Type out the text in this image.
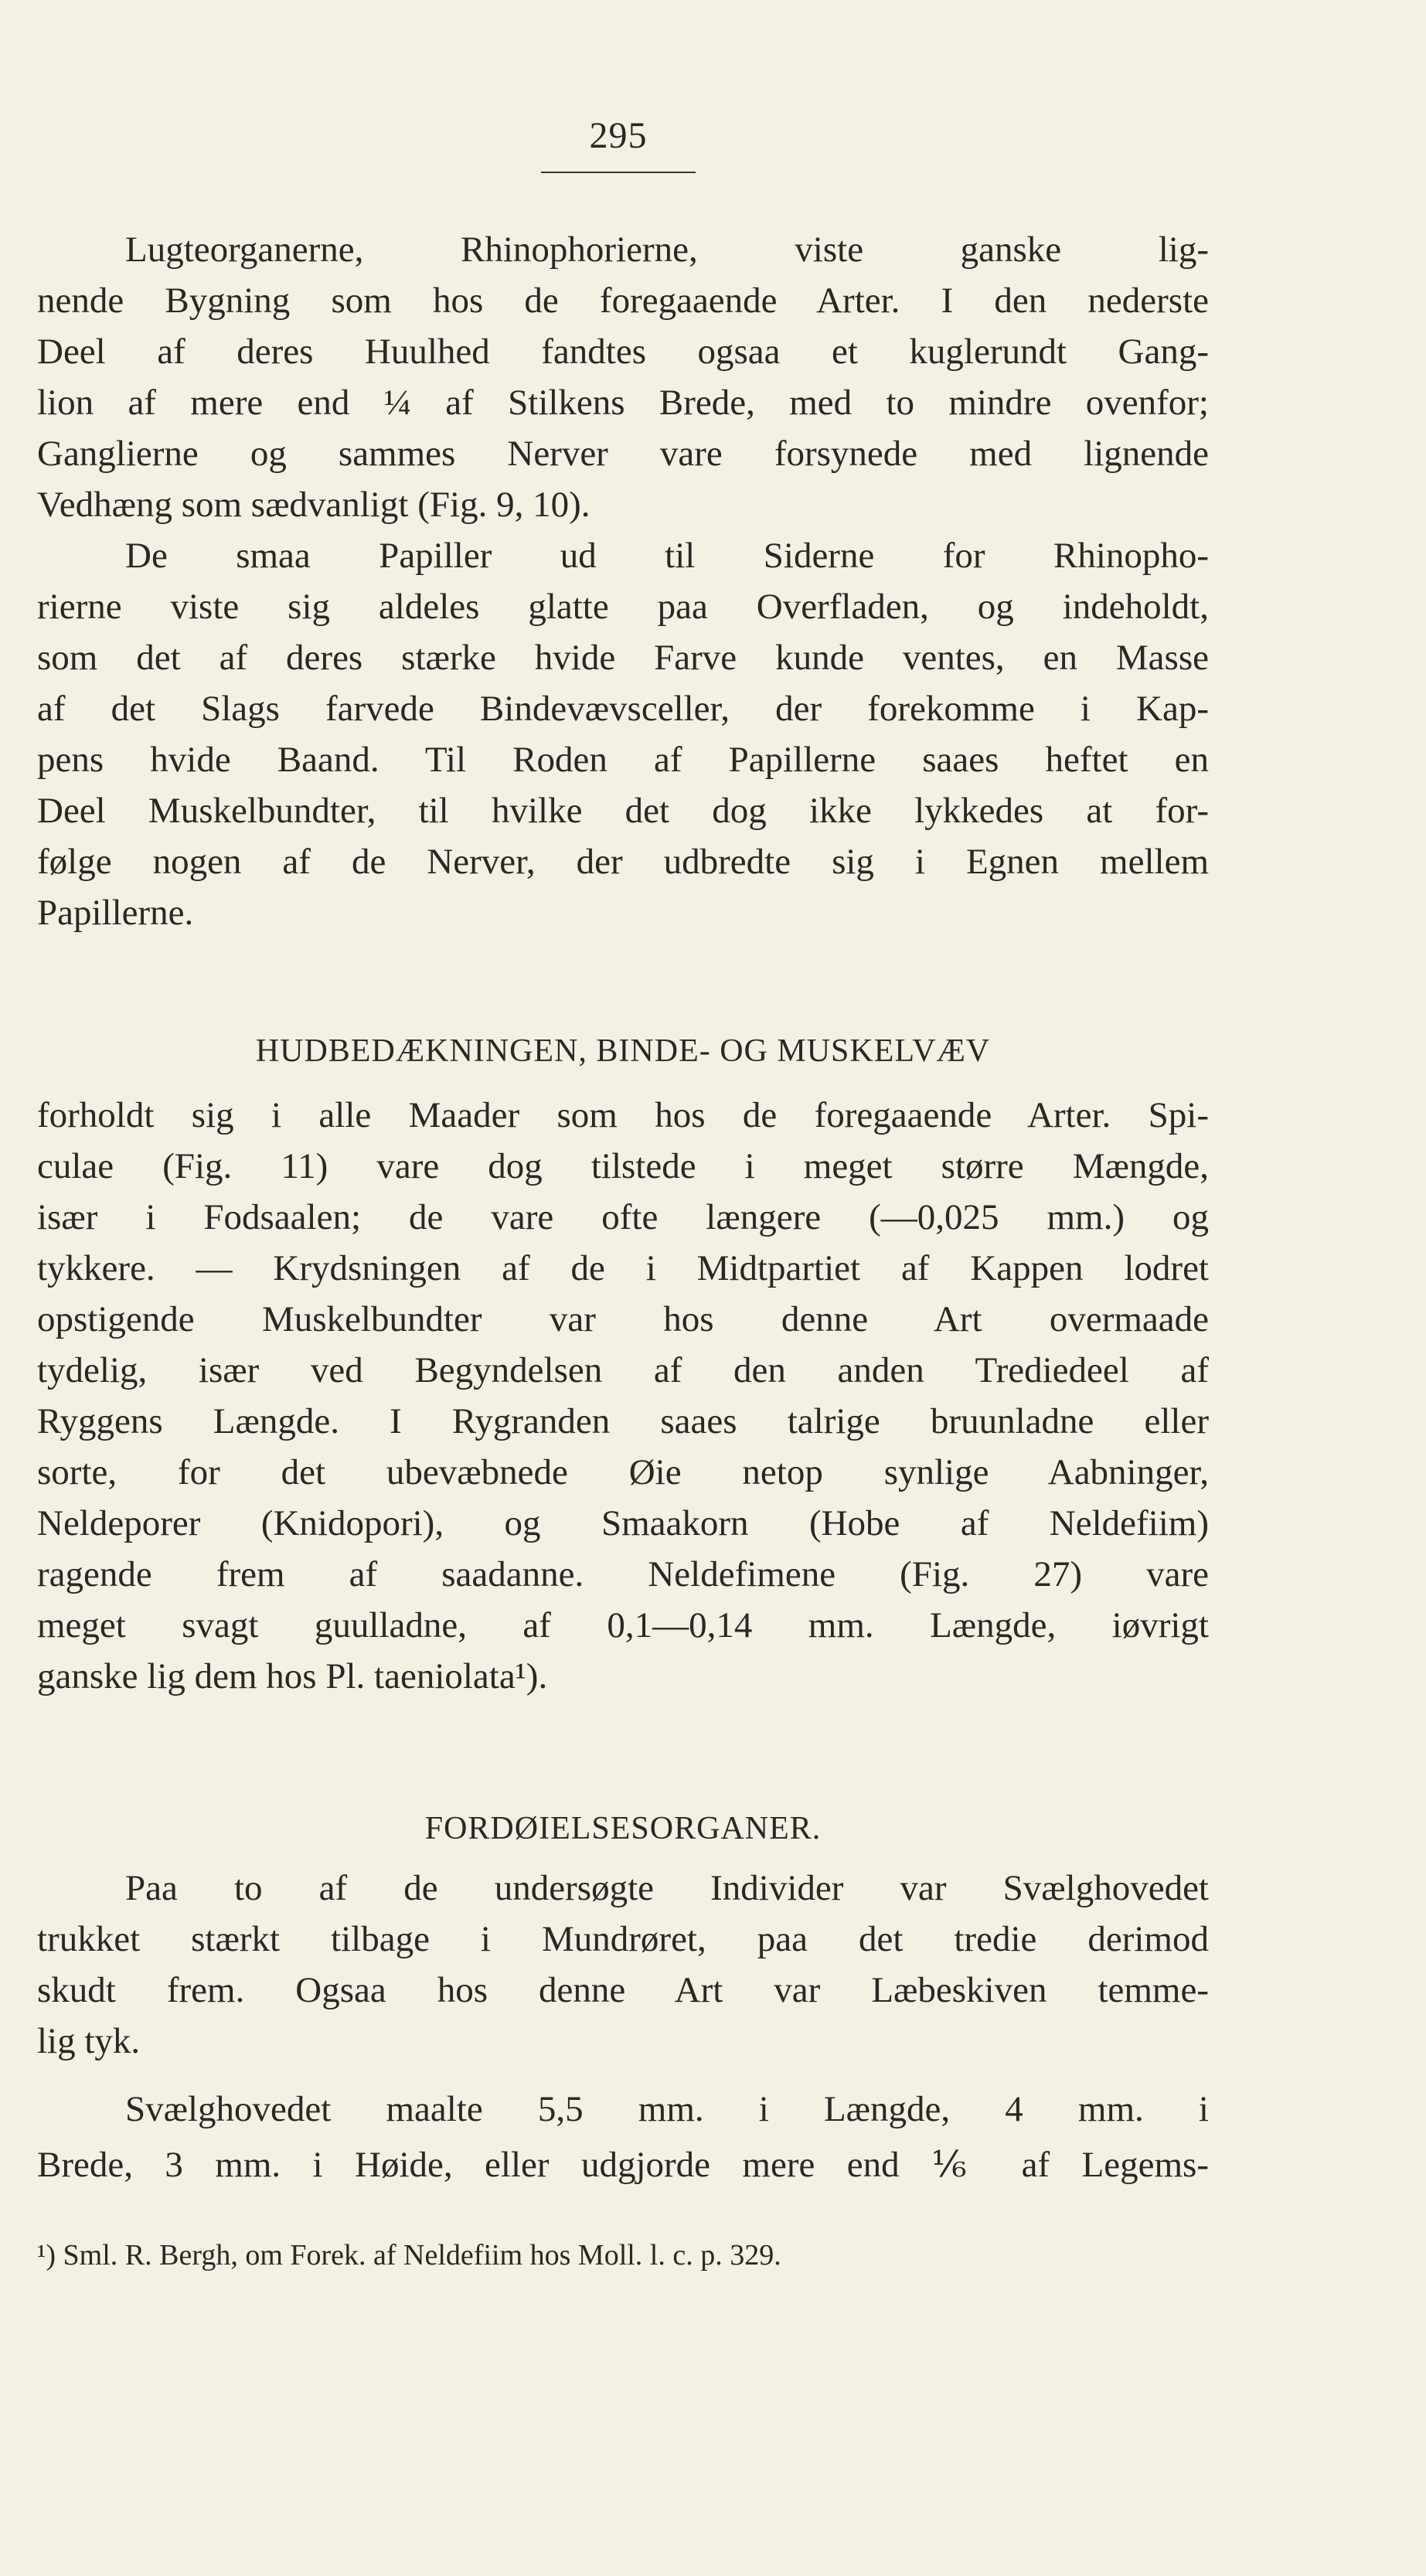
295
Lugteorganerne, Rhinophorierne, viste ganske lig-
nende Bygning som hos de foregaaende Arter. I den nederste
Deel af deres Huulhed fandtes ogsaa et kuglerundt Gang-
lion af mere end ¼ af Stilkens Brede, med to mindre ovenfor;
Ganglierne og sammes Nerver vare forsynede med lignende
Vedhæng som sædvanligt (Fig. 9, 10).
De smaa Papiller ud til Siderne for Rhinopho-
rierne viste sig aldeles glatte paa Overfladen, og indeholdt,
som det af deres stærke hvide Farve kunde ventes, en Masse
af det Slags farvede Bindevævsceller, der forekomme i Kap-
pens hvide Baand. Til Roden af Papillerne saaes heftet en
Deel Muskelbundter, til hvilke det dog ikke lykkedes at for-
følge nogen af de Nerver, der udbredte sig i Egnen mellem
Papillerne.
HUDBEDÆKNINGEN, BINDE- OG MUSKELVÆV
forholdt sig i alle Maader som hos de foregaaende Arter. Spi-
culae (Fig. 11) vare dog tilstede i meget større Mængde,
især i Fodsaalen; de vare ofte længere (—0,025 mm.) og
tykkere. — Krydsningen af de i Midtpartiet af Kappen lodret
opstigende Muskelbundter var hos denne Art overmaade
tydelig, især ved Begyndelsen af den anden Trediedeel af
Ryggens Længde. I Rygranden saaes talrige bruunladne eller
sorte, for det ubevæbnede Øie netop synlige Aabninger,
Neldeporer (Knidopori), og Smaakorn (Hobe af Neldefiim)
ragende frem af saadanne. Neldefimene (Fig. 27) vare
meget svagt guulladne, af 0,1—0,14 mm. Længde, iøvrigt
ganske lig dem hos Pl. taeniolata¹).
FORDØIELSESORGANER.
Paa to af de undersøgte Individer var Svælghovedet
trukket stærkt tilbage i Mundrøret, paa det tredie derimod
skudt frem. Ogsaa hos denne Art var Læbeskiven temme-
lig tyk.
Svælghovedet maalte 5,5 mm. i Længde, 4 mm. i
Brede, 3 mm. i Høide, eller udgjorde mere end ⅙ af Legems-
¹) Sml. R. Bergh, om Forek. af Neldefiim hos Moll. l. c. p. 329.
